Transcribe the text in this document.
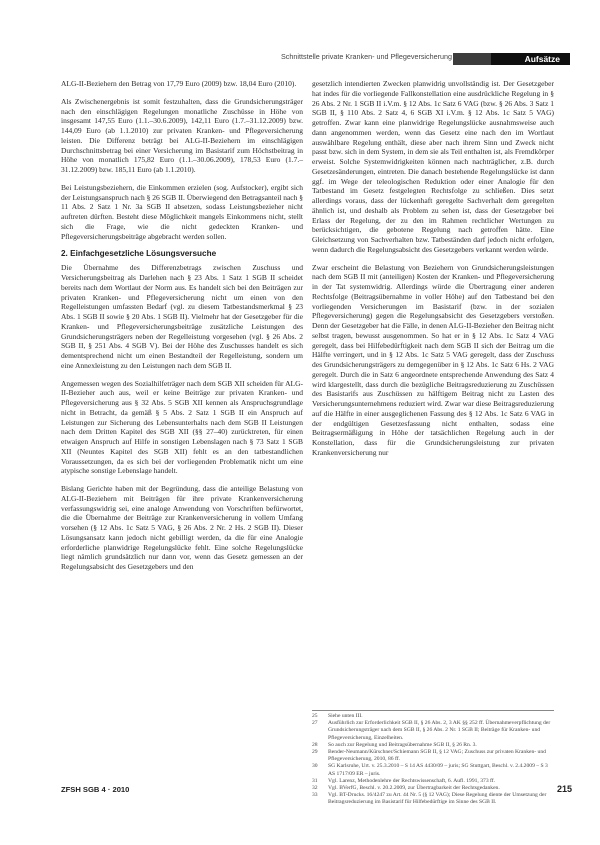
Schnittstelle private Kranken- und Pflegeversicherung	Aufsätze

ALG-II-Beziehern den Betrag von 17,79 Euro (2009) bzw. 18,04 Euro (2010).

Als Zwischenergebnis ist somit festzuhalten, dass die Grundsicherungsträger nach den einschlägigen Regelungen monatliche Zuschüsse in Höhe von insgesamt 147,55 Euro (1.1.–30.6.2009), 142,11 Euro (1.7.–31.12.2009) bzw. 144,09 Euro (ab 1.1.2010) zur privaten Kranken- und Pflegeversicherung leisten. Die Differenz beträgt bei ALG-II-Beziehern im einschlägigen Durchschnittsbetrag bei einer Versicherung im Basistarif zum Höchstbeitrag in Höhe von monatlich 175,82 Euro (1.1.–30.06.2009), 178,53 Euro (1.7.–31.12.2009) bzw. 185,11 Euro (ab 1.1.2010).

Bei Leistungsbeziehern, die Einkommen erzielen (sog. Aufstocker), ergibt sich der Leistungsanspruch nach § 26 SGB II. Überwiegend den Betragsanteil nach § 11 Abs. 2 Satz 1 Nr. 3a SGB II absetzen, sodass Leistungsbezieher nicht auftreten dürften. Besteht diese Möglichkeit mangels Einkommens nicht, stellt sich die Frage, wie die nicht gedeckten Kranken- und Pflegeversicherungsbeiträge abgebracht werden sollen.

2. Einfachgesetzliche Lösungsversuche

Die Übernahme des Differenzbetrags zwischen Zuschuss und Versicherungsbeitrag als Darlehen nach § 23 Abs. 1 Satz 1 SGB II scheidet bereits nach dem Wortlaut der Norm aus. Es handelt sich bei den Beiträgen zur privaten Kranken- und Pflegeversicherung nicht um einen von den Regelleistungen umfassten Bedarf (vgl. zu diesem Tatbestandsmerkmal § 23 Abs. 1 SGB II sowie § 20 Abs. 1 SGB II). Vielmehr hat der Gesetzgeber für die Kranken- und Pflegeversicherungsbeiträge zusätzliche Leistungen des Grundsicherungsträgers neben der Regelleistung vorgesehen (vgl. § 26 Abs. 2 SGB II, § 251 Abs. 4 SGB V). Bei der Höhe des Zuschusses handelt es sich dementsprechend nicht um einen Bestandteil der Regelleistung, sondern um eine Annexleistung zu den Leistungen nach dem SGB II.

Angemessen wegen des Sozialhilfeträger nach dem SGB XII scheiden für ALG-II-Bezieher auch aus, weil er keine Beiträge zur privaten Kranken- und Pflegeversicherung aus § 32 Abs. 5 SGB XII kennen als Anspruchsgrundlage nicht in Betracht, da gemäß § 5 Abs. 2 Satz 1 SGB II ein Anspruch auf Leistungen zur Sicherung des Lebensunterhalts nach dem SGB II Leistungen nach dem Dritten Kapitel des SGB XII (§§ 27–40) zurücktreten, für einen etwaigen Anspruch auf Hilfe in sonstigen Lebenslagen nach § 73 Satz 1 SGB XII (Neuntes Kapitel des SGB XII) fehlt es an den tatbestandlichen Voraussetzungen, da es sich bei der vorliegenden Problematik nicht um eine atypische sonstige Lebenslage handelt.

Bislang Gerichte haben mit der Begründung, dass die anteilige Belastung von ALG-II-Beziehern mit Beiträgen für ihre private Krankenversicherung verfassungswidrig sei, eine analoge Anwendung von Vorschriften befürwortet, die die Übernahme der Beiträge zur Krankenversicherung in vollem Umfang vorsehen (§ 12 Abs. 1c Satz 5 VAG, § 26 Abs. 2 Nr. 2 Hs. 2 SGB II). Dieser Lösungsansatz kann jedoch nicht gebilligt werden, da die für eine Analogie erforderliche planwidrige Regelungslücke fehlt. Eine solche Regelungslücke liegt nämlich grundsätzlich nur dann vor, wenn das Gesetz gemessen an der Regelungsabsicht des Gesetzgebers und den

gesetzlich intendierten Zwecken planwidrig unvollständig ist. Der Gesetzgeber hat indes für die vorliegende Fallkonstellation eine ausdrückliche Regelung in § 26 Abs. 2 Nr. 1 SGB II i.V.m. § 12 Abs. 1c Satz 6 VAG (bzw. § 26 Abs. 3 Satz 1 SGB II, § 110 Abs. 2 Satz 4, 6 SGB XI i.V.m. § 12 Abs. 1c Satz 5 VAG) getroffen. Zwar kann eine planwidrige Regelungslücke ausnahmsweise auch dann angenommen werden, wenn das Gesetz eine nach den im Wortlaut auswählbare Regelung enthält, diese aber nach ihrem Sinn und Zweck nicht passt bzw. sich in dem System, in dem sie als Teil enthalten ist, als Fremdkörper erweist. Solche Systemwidrigkeiten können nach nachträglicher, z.B. durch Gesetzesänderungen, eintreten. Die danach bestehende Regelungslücke ist dann ggf. im Wege der teleologischen Reduktion oder einer Analogie für den Tatbestand im Gesetz festgelegten Rechtsfolge zu schließen. Dies setzt allerdings voraus, dass der lückenhaft geregelte Sachverhalt dem geregelten ähnlich ist, und deshalb als Problem zu sehen ist, dass der Gesetzgeber bei Erlass der Regelung, der zu den im Rahmen rechtlicher Wertungen zu berücksichtigen, die gebotene Regelung nach getroffen hätte. Eine Gleichsetzung von Sachverhalten bzw. Tatbeständen darf jedoch nicht erfolgen, wenn dadurch die Regelungsabsicht des Gesetzgebers verkannt werden würde.

Zwar erscheint die Belastung von Beziehern von Grundsicherungsleistungen nach dem SGB II mit (anteiligen) Kosten der Kranken- und Pflegeversicherung in der Tat systemwidrig. Allerdings würde die Übertragung einer anderen Rechtsfolge (Beitragsübernahme in voller Höhe) auf den Tatbestand bei den vorliegenden Versicherungen im Basistarif (bzw. in der sozialen Pflegeversicherung) gegen die Regelungsabsicht des Gesetzgebers verstoßen. Denn der Gesetzgeber hat die Fälle, in denen ALG-II-Bezieher den Beitrag nicht selbst tragen, bewusst ausgenommen. So hat er in § 12 Abs. 1c Satz 4 VAG geregelt, dass bei Hilfebedürftigkeit nach dem SGB II sich der Beitrag um die Hälfte verringert, und in § 12 Abs. 1c Satz 5 VAG geregelt, dass der Zuschuss des Grundsicherungsträgers zu demgegenüber in § 12 Abs. 1c Satz 6 Hs. 2 VAG geregelt. Durch die in Satz 6 angeordnete entsprechende Anwendung des Satz 4 wird klargestellt, dass durch die bezügliche Beitragsreduzierung zu Zuschüssen des Basistarifs aus Zuschüssen zu hälftigem Beitrag nicht zu Lasten des Versicherungsunternehmens reduziert wird. Zwar war diese Beitragsreduzierung auf die Hälfte in einer ausgeglichenen Fassung des § 12 Abs. 1c Satz 6 VAG in der endgültigen Gesetzesfassung nicht enthalten, sodass eine Beitragsermäßigung in Höhe der tatsächlichen Regelung auch in der Konstellation, dass für die Grundsicherungsleistung zur privaten Krankenversicherung nur

25	Siehe unten III.
27	Ausführlich zur Erforderlichkeit SGB II, § 26 Abs. 2, 3 AK §§ 252 ff. Übernahmeverpflichtung der Grundsicherungsträger nach dem SGB II, § 26 Abs. 2 Nr. 1 SGB II; Beiträge für Kranken- und Pflegeversicherung, Einzelheiten.
28	So auch zur Regelung und Beitragsübernahme SGB II, § 26 Rn. 3.
29	Bender-Neumann/Kürschner/Schiemann SGB II, § 12 VAG; Zuschuss zur privaten Kranken- und Pflegeversicherung, 2010, 86 ff.
30	SG Karlsruhe, Urt. v. 25.3.2010 – S 14 AS 4430/09 – juris; SG Stuttgart, Beschl. v. 2.4.2009 – S 3 AS 1717/09 ER – juris.
31	Vgl. Larenz, Methodenlehre der Rechtswissenschaft, 6. Aufl. 1991, 373 ff.
32	Vgl. BVerfG, Beschl. v. 20.2.2009, zur Übertragbarkeit der Rechtsgedanken.
33	Vgl. BT-Drucks. 16/4247 zu Art. 44 Nr. 5 (§ 12 VAG); Diese Regelung diente der Umsetzung der Beitragsreduzierung im Basistarif für Hilfebedürftige im Sinne des SGB II.
ZFSH SGB 4 · 2010	215
